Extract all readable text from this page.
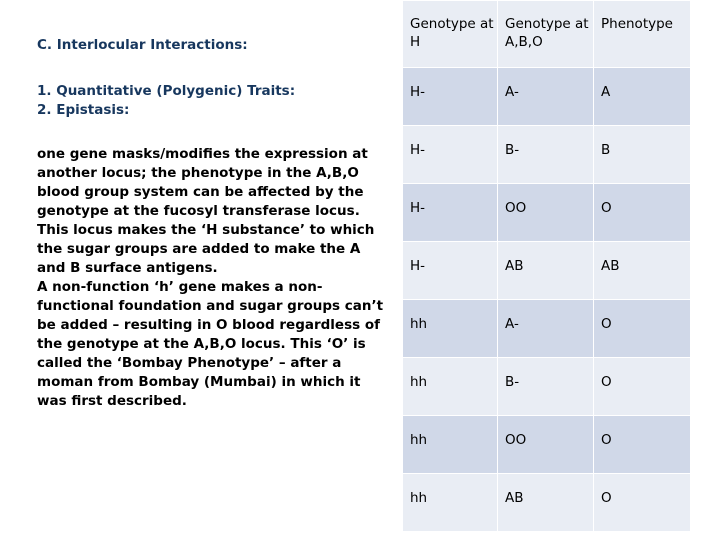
C. Interlocular Interactions:
1. Quantitative (Polygenic) Traits:
2. Epistasis:

one gene masks/modifies the expression at another locus; the phenotype in the A,B,O blood group system can be affected by the genotype at the fucosyl transferase locus. This locus makes the ‘H substance’ to which the sugar groups are added to make the A and B surface antigens.

A non-function ‘h’ gene makes a non-functional foundation and sugar groups can’t be added – resulting in O blood regardless of the genotype at the A,B,O locus. This ‘O’ is called the ‘Bombay Phenotype’ – after a moman from Bombay (Mumbai) in which it was first described.

Genotype at H	Genotype at A,B,O	Phenotype
H-	A-	A
H-	B-	B
H-	OO	O
H-	AB	AB
hh	A-	O
hh	B-	O
hh	OO	O
hh	AB	O
